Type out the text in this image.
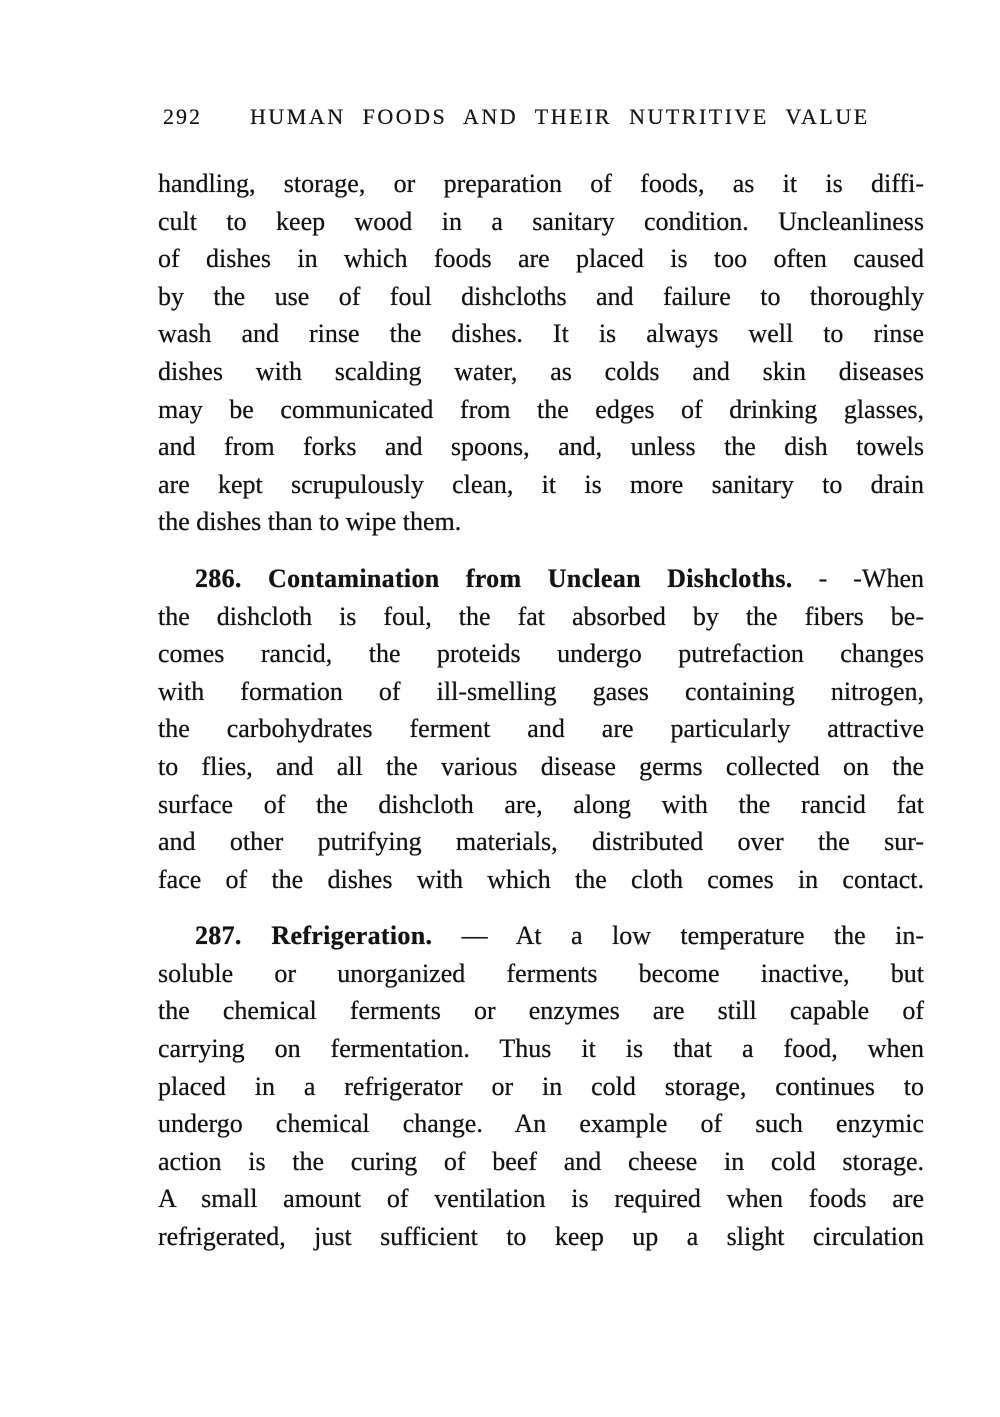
292 HUMAN FOODS AND THEIR NUTRITIVE VALUE
handling, storage, or preparation of foods, as it is diffi-
cult to keep wood in a sanitary condition. Uncleanliness
of dishes in which foods are placed is too often caused
by the use of foul dishcloths and failure to thoroughly
wash and rinse the dishes. It is always well to rinse
dishes with scalding water, as colds and skin diseases
may be communicated from the edges of drinking glasses,
and from forks and spoons, and, unless the dish towels
are kept scrupulously clean, it is more sanitary to drain
the dishes than to wipe them.
286. Contamination from Unclean Dishcloths. - -When
the dishcloth is foul, the fat absorbed by the fibers be-
comes rancid, the proteids undergo putrefaction changes
with formation of ill-smelling gases containing nitrogen,
the carbohydrates ferment and are particularly attractive
to flies, and all the various disease germs collected on the
surface of the dishcloth are, along with the rancid fat
and other putrifying materials, distributed over the sur-
face of the dishes with which the cloth comes in contact.
287. Refrigeration. — At a low temperature the in-
soluble or unorganized ferments become inactive, but
the chemical ferments or enzymes are still capable of
carrying on fermentation. Thus it is that a food, when
placed in a refrigerator or in cold storage, continues to
undergo chemical change. An example of such enzymic
action is the curing of beef and cheese in cold storage.
A small amount of ventilation is required when foods are
refrigerated, just sufficient to keep up a slight circulation
